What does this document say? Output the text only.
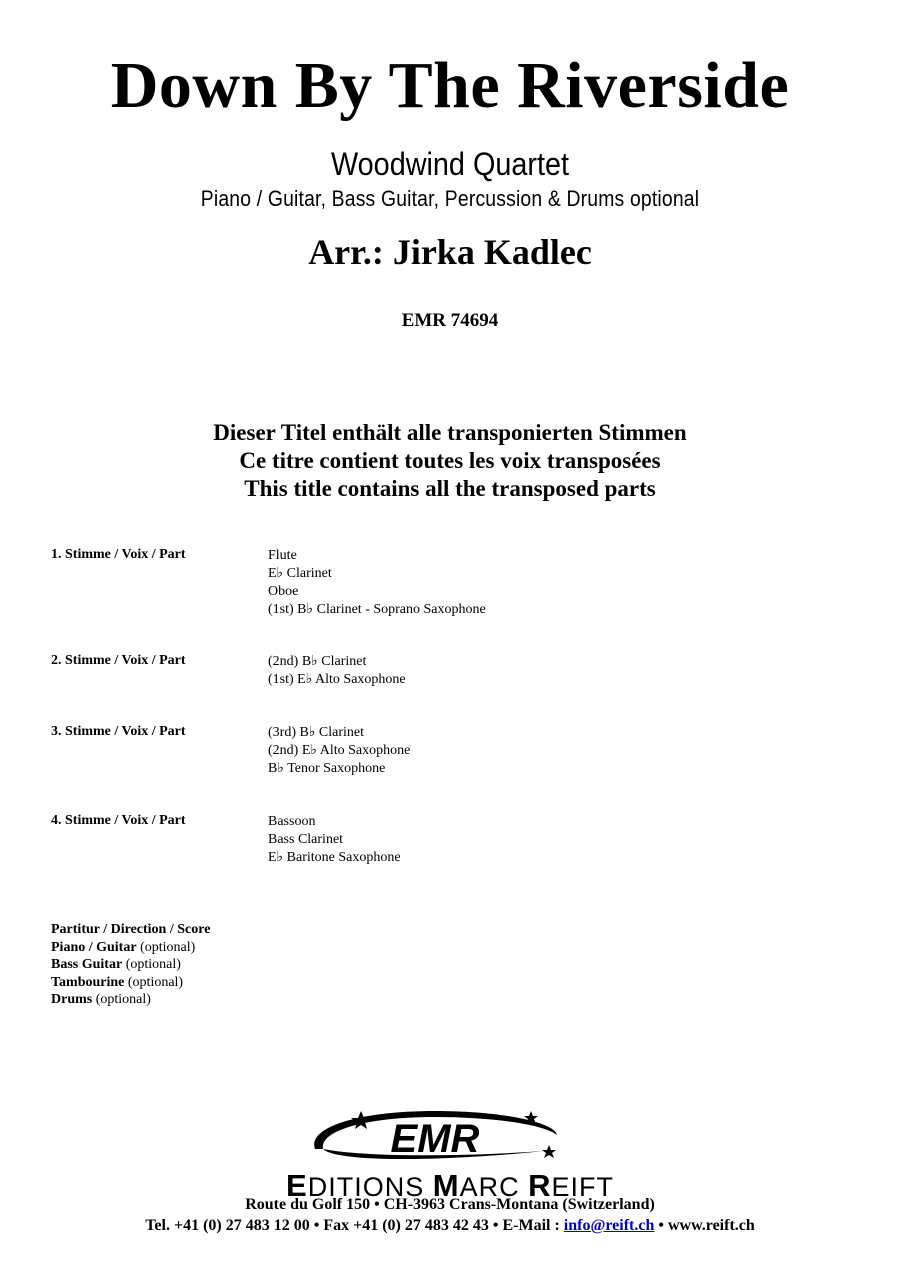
Down By The Riverside
Woodwind Quartet
Piano / Guitar, Bass Guitar, Percussion & Drums optional
Arr.: Jirka Kadlec
EMR 74694
Dieser Titel enthält alle transponierten Stimmen
Ce titre contient toutes les voix transposées
This title contains all the transposed parts
1. Stimme / Voix / Part	Flute
E♭ Clarinet
Oboe
(1st) B♭ Clarinet - Soprano Saxophone
2. Stimme / Voix / Part	(2nd) B♭ Clarinet
(1st) E♭ Alto Saxophone
3. Stimme / Voix / Part	(3rd) B♭ Clarinet
(2nd) E♭ Alto Saxophone
B♭ Tenor Saxophone
4. Stimme / Voix / Part	Bassoon
Bass Clarinet
E♭ Baritone Saxophone
Partitur / Direction / Score
Piano / Guitar (optional)
Bass Guitar (optional)
Tambourine (optional)
Drums (optional)
EMR
EDITIONS MARC REIFT
Route du Golf 150 • CH-3963 Crans-Montana (Switzerland)
Tel. +41 (0) 27 483 12 00 • Fax +41 (0) 27 483 42 43 • E-Mail : info@reift.ch • www.reift.ch
